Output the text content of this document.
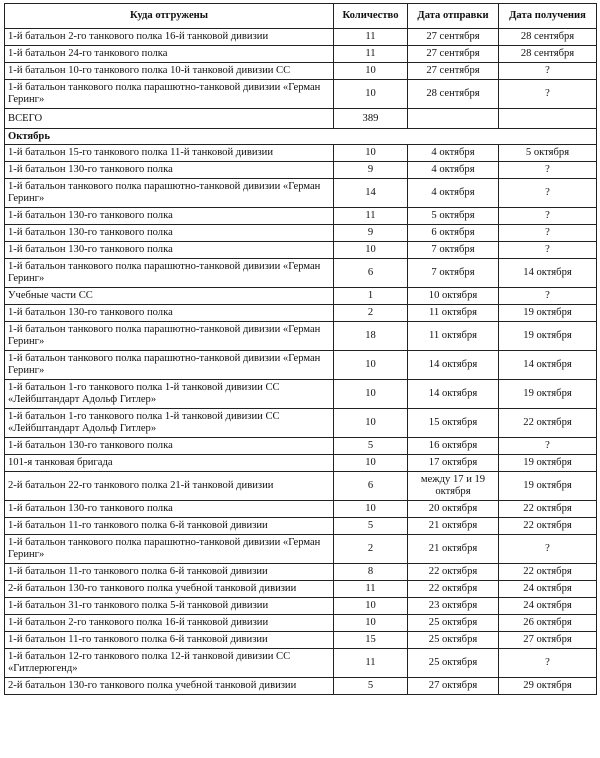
Куда отгружены	Количество	Дата отправки	Дата получения
1-й батальон 2-го танкового полка 16-й танковой дивизии	11	27 сентября	28 сентября
1-й батальон 24-го танкового полка	11	27 сентября	28 сентября
1-й батальон 10-го танкового полка 10-й танковой дивизии СС	10	27 сентября	?
1-й батальон танкового полка парашютно-танковой дивизии «Герман Геринг»	10	28 сентября	?
ВСЕГО	389		
Октябрь			
1-й батальон 15-го танкового полка 11-й танковой дивизии	10	4 октября	5 октября
1-й батальон 130-го танкового полка	9	4 октября	?
1-й батальон танкового полка парашютно-танковой дивизии «Герман Геринг»	14	4 октября	?
1-й батальон 130-го танкового полка	11	5 октября	?
1-й батальон 130-го танкового полка	9	6 октября	?
1-й батальон 130-го танкового полка	10	7 октября	?
1-й батальон танкового полка парашютно-танковой дивизии «Герман Геринг»	6	7 октября	14 октября
Учебные части СС	1	10 октября	?
1-й батальон 130-го танкового полка	2	11 октября	19 октября
1-й батальон танкового полка парашютно-танковой дивизии «Герман Геринг»	18	11 октября	19 октября
1-й батальон танкового полка парашютно-танковой дивизии «Герман Геринг»	10	14 октября	14 октября
1-й батальон 1-го танкового полка 1-й танковой дивизии СС «Лейбштандарт Адольф Гитлер»	10	14 октября	19 октября
1-й батальон 1-го танкового полка 1-й танковой дивизии СС «Лейбштандарт Адольф Гитлер»	10	15 октября	22 октября
1-й батальон 130-го танкового полка	5	16 октября	?
101-я танковая бригада	10	17 октября	19 октября
2-й батальон 22-го танкового полка 21-й танковой дивизии	6	между 17 и 19 октября	19 октября
1-й батальон 130-го танкового полка	10	20 октября	22 октября
1-й батальон 11-го танкового полка 6-й танковой дивизии	5	21 октября	22 октября
1-й батальон танкового полка парашютно-танковой дивизии «Герман Геринг»	2	21 октября	?
1-й батальон 11-го танкового полка 6-й танковой дивизии	8	22 октября	22 октября
2-й батальон 130-го танкового полка учебной танковой дивизии	11	22 октября	24 октября
1-й батальон 31-го танкового полка 5-й танковой дивизии	10	23 октября	24 октября
1-й батальон 2-го танкового полка 16-й танковой дивизии	10	25 октября	26 октября
1-й батальон 11-го танкового полка 6-й танковой дивизии	15	25 октября	27 октября
1-й батальон 12-го танкового полка 12-й танковой дивизии СС «Гитлерюгенд»	11	25 октября	?
2-й батальон 130-го танкового полка учебной танковой дивизии	5	27 октября	29 октября
